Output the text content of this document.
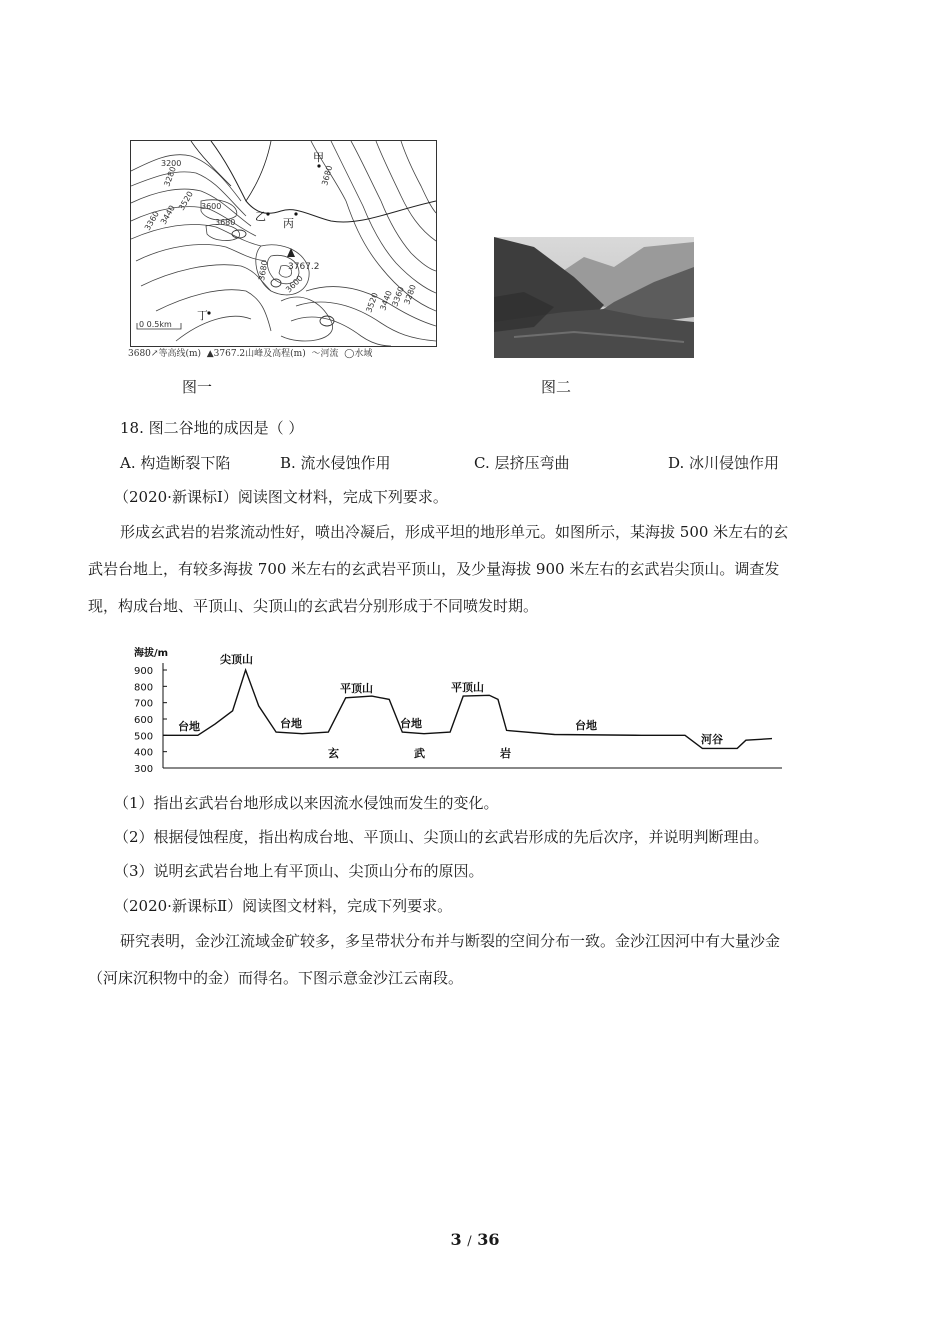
3200
3280
3360
3440
3520 3600
3680
3680
3680
3600
3520
3440
3360
3280
3767.2
0 0.5km
甲
乙
丙
丁
3680↗等高线(m) ▲3767.2山峰及高程(m) ～河流 ◯水域
图一	图二
18. 图二谷地的成因是（ ）
A. 构造断裂下陷	B. 流水侵蚀作用	C. 层挤压弯曲	D. 冰川侵蚀作用
（2020·新课标Ⅰ）阅读图文材料，完成下列要求。
形成玄武岩的岩浆流动性好，喷出冷凝后，形成平坦的地形单元。如图所示，某海拔 500 米左右的玄
武岩台地上，有较多海拔 700 米左右的玄武岩平顶山，及少量海拔 900 米左右的玄武岩尖顶山。调查发
现，构成台地、平顶山、尖顶山的玄武岩分别形成于不同喷发时期。
海拔/m
900
800
700
600
500
400
300
尖顶山
平顶山	平顶山
台地	台地	台地	台地
河谷
玄	武	岩
（1）指出玄武岩台地形成以来因流水侵蚀而发生的变化。
（2）根据侵蚀程度，指出构成台地、平顶山、尖顶山的玄武岩形成的先后次序，并说明判断理由。
（3）说明玄武岩台地上有平顶山、尖顶山分布的原因。
（2020·新课标Ⅱ）阅读图文材料，完成下列要求。
研究表明，金沙江流域金矿较多，多呈带状分布并与断裂的空间分布一致。金沙江因河中有大量沙金
（河床沉积物中的金）而得名。下图示意金沙江云南段。
3 / 36
